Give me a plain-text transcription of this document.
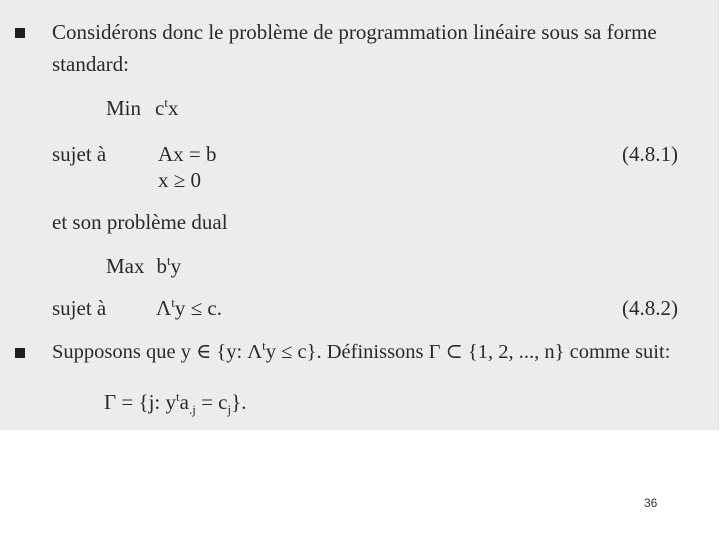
Considérons donc le problème de programmation linéaire sous sa forme
standard:
Min $c^tx$
sujet à Ax = b	(4.8.1)
x ≥ 0
et son problème dual
Max $b^ty$
sujet à $\Lambda^ty \le c$.	(4.8.2)
Supposons que y ∈ {y: $\Lambda^ty \le c$}. Définissons Γ ⊂ {1, 2, ..., n} comme suit:
Γ = {j: $y^ta_{.j} = c_j$}.
36
